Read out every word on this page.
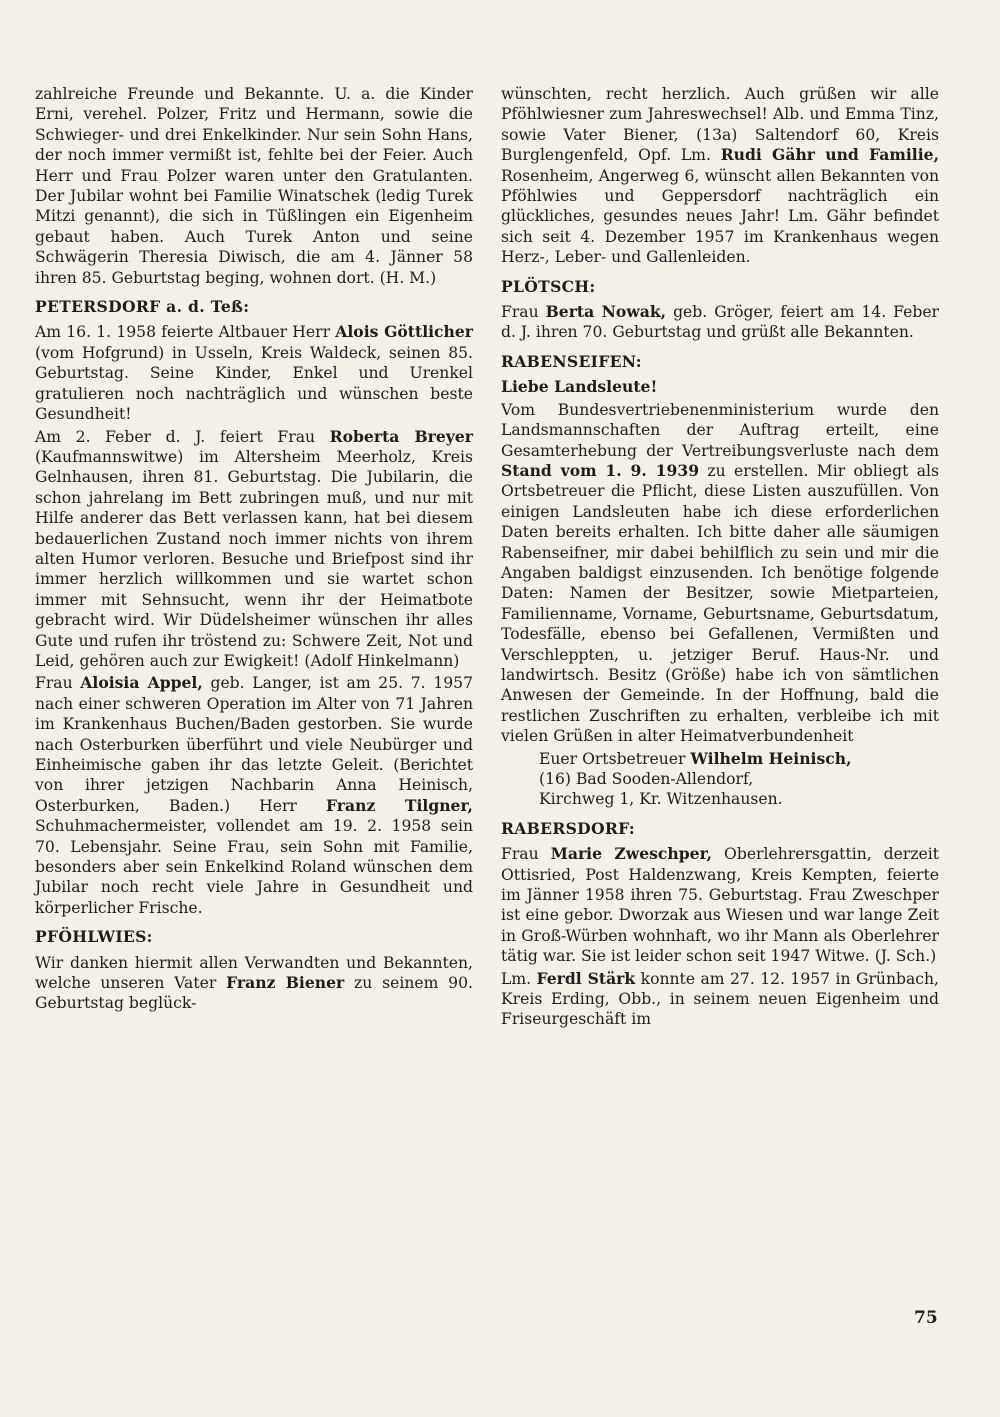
zahlreiche Freunde und Bekannte. U. a. die Kinder Erni, verehel. Polzer, Fritz und Hermann, sowie die Schwieger- und drei Enkelkinder. Nur sein Sohn Hans, der noch immer vermißt ist, fehlte bei der Feier. Auch Herr und Frau Polzer waren unter den Gratulanten. Der Jubilar wohnt bei Familie Winatschek (ledig Turek Mitzi genannt), die sich in Tüßlingen ein Eigenheim gebaut haben. Auch Turek Anton und seine Schwägerin Theresia Diwisch, die am 4. Jänner 58 ihren 85. Geburtstag beging, wohnen dort. (H. M.)

PETERSDORF a. d. Teß:

Am 16. 1. 1958 feierte Altbauer Herr Alois Göttlicher (vom Hofgrund) in Usseln, Kreis Waldeck, seinen 85. Geburtstag. Seine Kinder, Enkel und Urenkel gratulieren noch nachträglich und wünschen beste Gesundheit!

Am 2. Feber d. J. feiert Frau Roberta Breyer (Kaufmannswitwe) im Altersheim Meerholz, Kreis Gelnhausen, ihren 81. Geburtstag. Die Jubilarin, die schon jahrelang im Bett zubringen muß, und nur mit Hilfe anderer das Bett verlassen kann, hat bei diesem bedauerlichen Zustand noch immer nichts von ihrem alten Humor verloren. Besuche und Briefpost sind ihr immer herzlich willkommen und sie wartet schon immer mit Sehnsucht, wenn ihr der Heimatbote gebracht wird. Wir Düdelsheimer wünschen ihr alles Gute und rufen ihr tröstend zu: Schwere Zeit, Not und Leid, gehören auch zur Ewigkeit! (Adolf Hinkelmann)

Frau Aloisia Appel, geb. Langer, ist am 25. 7. 1957 nach einer schweren Operation im Alter von 71 Jahren im Krankenhaus Buchen/Baden gestorben. Sie wurde nach Osterburken überführt und viele Neubürger und Einheimische gaben ihr das letzte Geleit. (Berichtet von ihrer jetzigen Nachbarin Anna Heinisch, Osterburken, Baden.) Herr Franz Tilgner, Schuhmachermeister, vollendet am 19. 2. 1958 sein 70. Lebensjahr. Seine Frau, sein Sohn mit Familie, besonders aber sein Enkelkind Roland wünschen dem Jubilar noch recht viele Jahre in Gesundheit und körperlicher Frische.

PFÖHLWIES:

Wir danken hiermit allen Verwandten und Bekannten, welche unseren Vater Franz Biener zu seinem 90. Geburtstag beglück-

wünschten, recht herzlich. Auch grüßen wir alle Pföhlwiesner zum Jahreswechsel! Alb. und Emma Tinz, sowie Vater Biener, (13a) Saltendorf 60, Kreis Burglengenfeld, Opf. Lm. Rudi Gähr und Familie, Rosenheim, Angerweg 6, wünscht allen Bekannten von Pföhlwies und Geppersdorf nachträglich ein glückliches, gesundes neues Jahr! Lm. Gähr befindet sich seit 4. Dezember 1957 im Krankenhaus wegen Herz-, Leber- und Gallenleiden.

PLÖTSCH:

Frau Berta Nowak, geb. Gröger, feiert am 14. Feber d. J. ihren 70. Geburtstag und grüßt alle Bekannten.

RABENSEIFEN:
Liebe Landsleute!

Vom Bundesvertriebenenministerium wurde den Landsmannschaften der Auftrag erteilt, eine Gesamterhebung der Vertreibungsverluste nach dem Stand vom 1. 9. 1939 zu erstellen. Mir obliegt als Ortsbetreuer die Pflicht, diese Listen auszufüllen. Von einigen Landsleuten habe ich diese erforderlichen Daten bereits erhalten. Ich bitte daher alle säumigen Rabenseifner, mir dabei behilflich zu sein und mir die Angaben baldigst einzusenden. Ich benötige folgende Daten: Namen der Besitzer, sowie Mietparteien, Familienname, Vorname, Geburtsname, Geburtsdatum, Todesfälle, ebenso bei Gefallenen, Vermißten und Verschleppten, u. jetziger Beruf. Haus-Nr. und landwirtsch. Besitz (Größe) habe ich von sämtlichen Anwesen der Gemeinde. In der Hoffnung, bald die restlichen Zuschriften zu erhalten, verbleibe ich mit vielen Grüßen in alter Heimatverbundenheit

Euer Ortsbetreuer Wilhelm Heinisch,
(16) Bad Sooden-Allendorf,
Kirchweg 1, Kr. Witzenhausen.

RABERSDORF:

Frau Marie Zweschper, Oberlehrersgattin, derzeit Ottisried, Post Haldenzwang, Kreis Kempten, feierte im Jänner 1958 ihren 75. Geburtstag. Frau Zweschper ist eine gebor. Dworzak aus Wiesen und war lange Zeit in Groß-Würben wohnhaft, wo ihr Mann als Oberlehrer tätig war. Sie ist leider schon seit 1947 Witwe. (J. Sch.)

Lm. Ferdl Stärk konnte am 27. 12. 1957 in Grünbach, Kreis Erding, Obb., in seinem neuen Eigenheim und Friseurgeschäft im

75
